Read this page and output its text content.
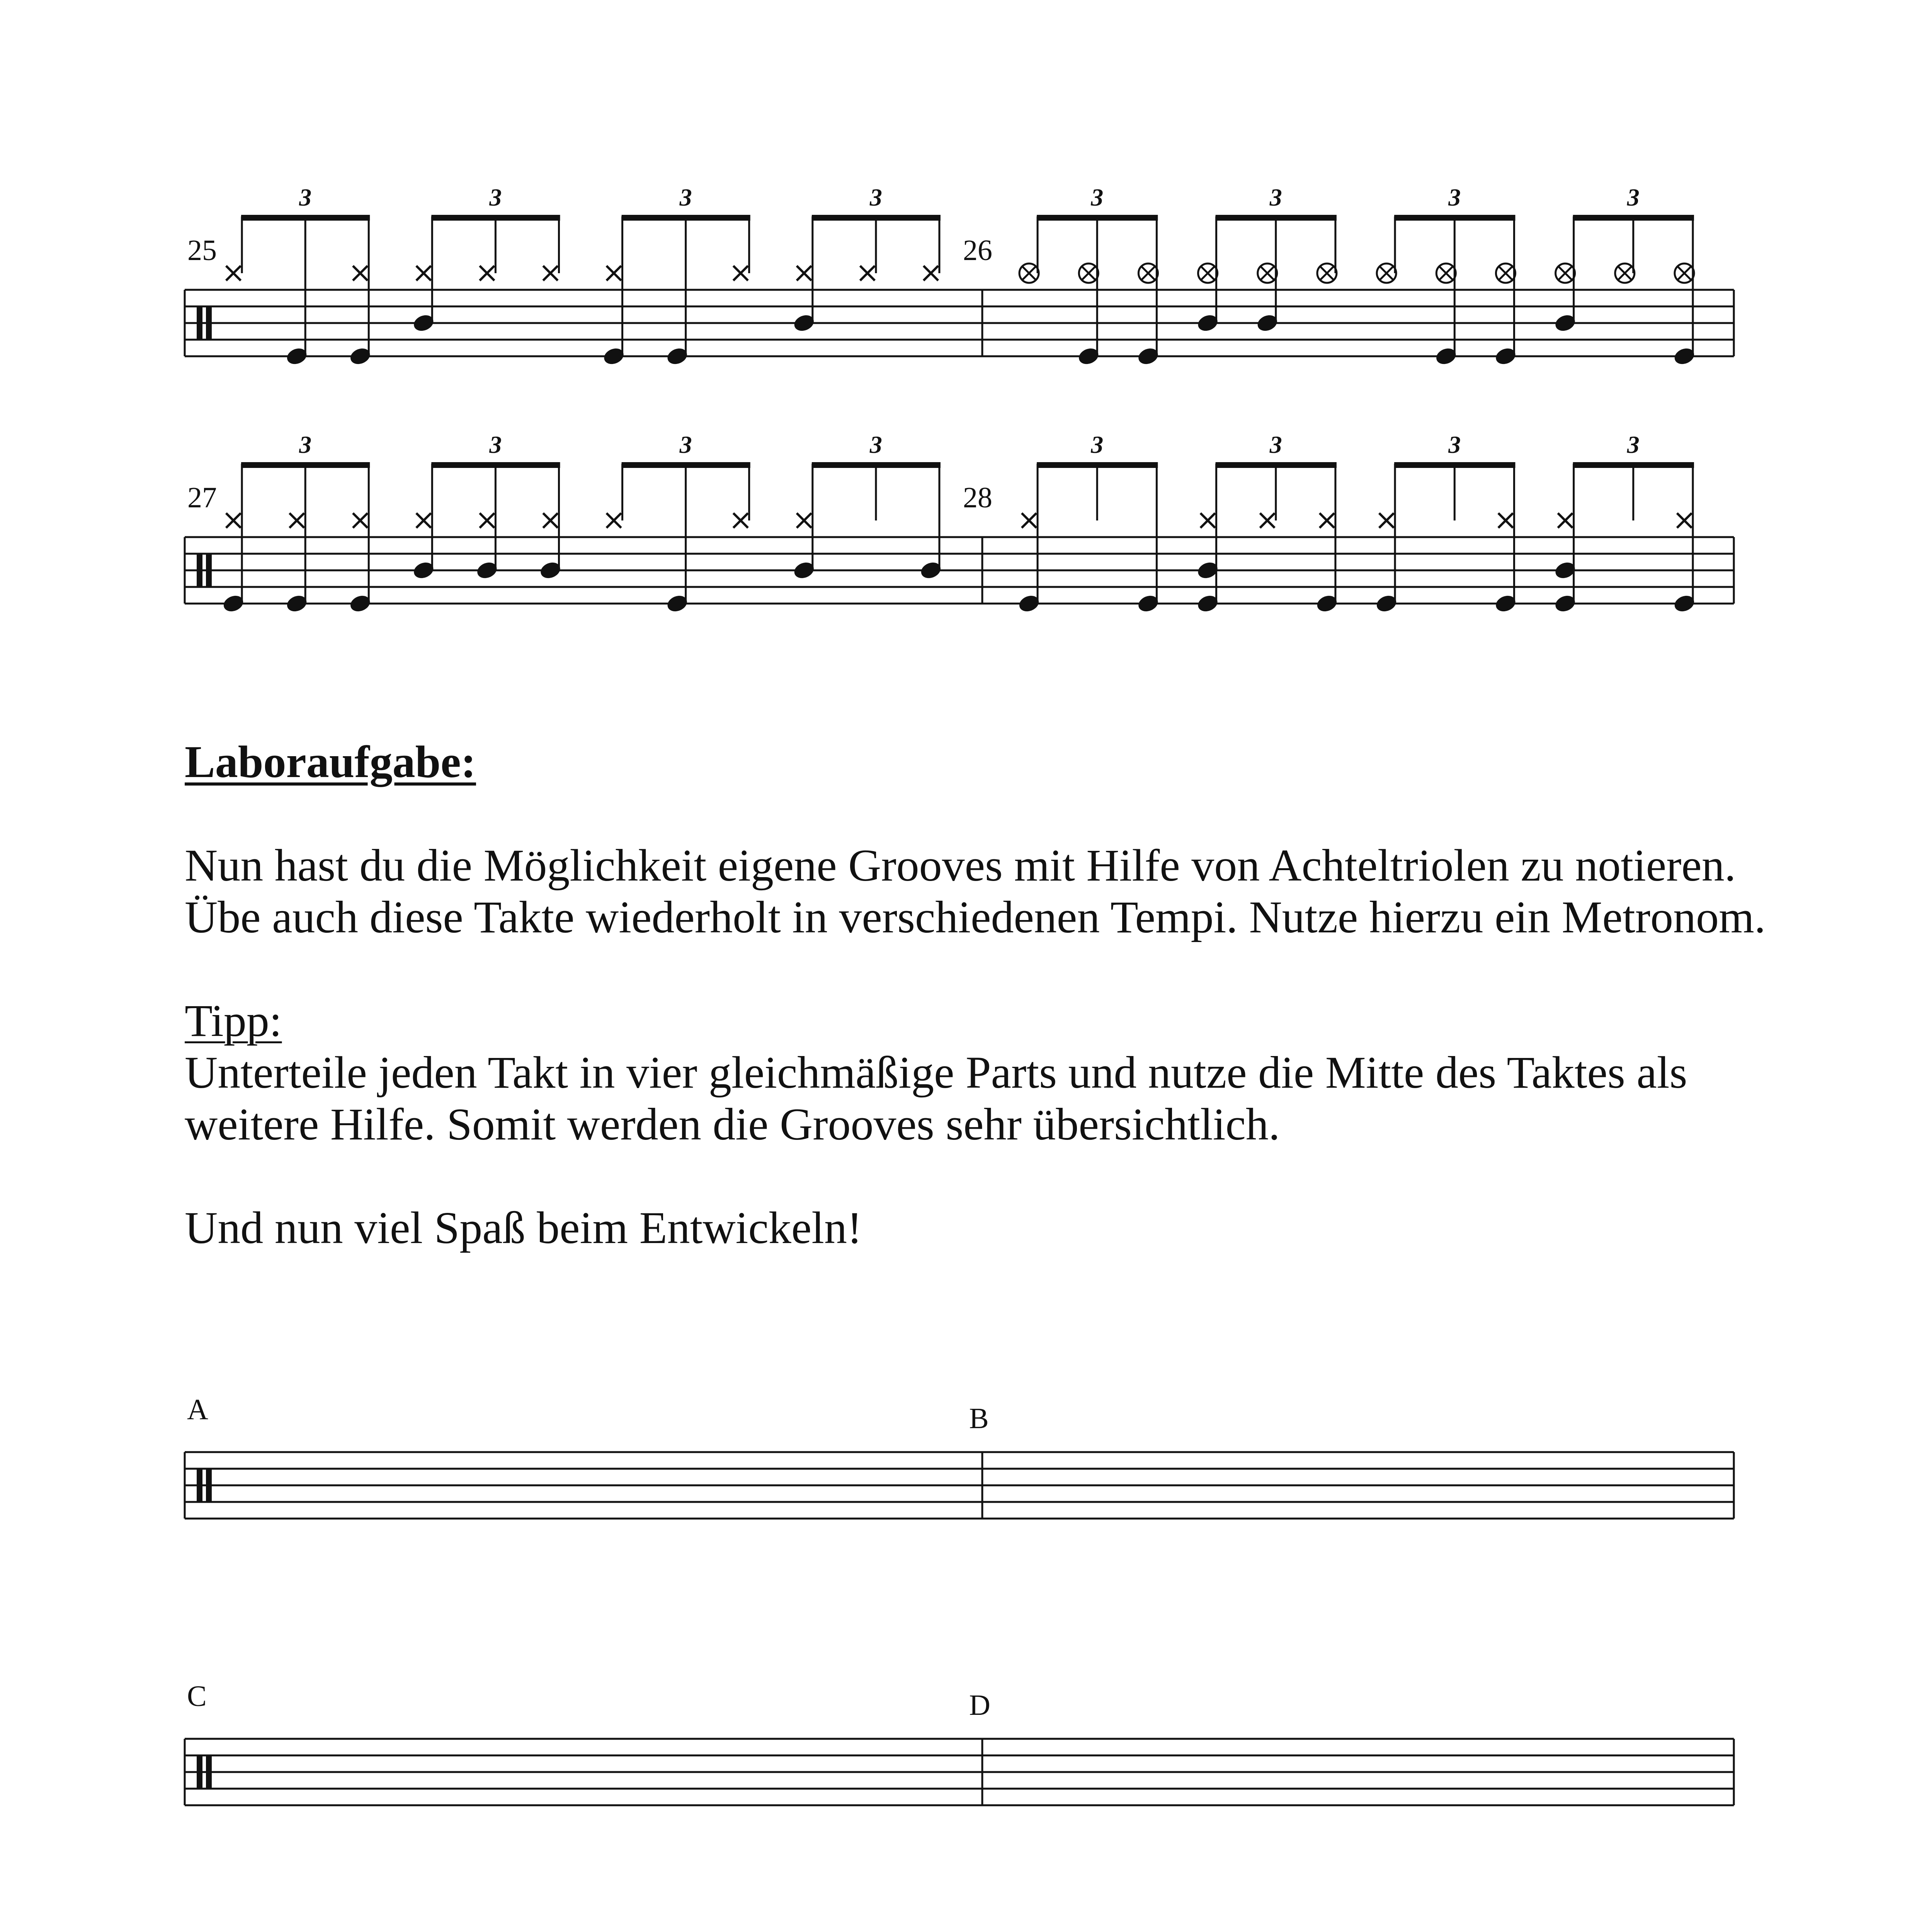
25
3	3	3	3
26
3	3	3	3
27
3	3	3	3
28
3	3	3	3
A	B
C	D
Laboraufgabe:
Nun hast du die Möglichkeit eigene Grooves mit Hilfe von Achteltriolen zu notieren.
Übe auch diese Takte wiederholt in verschiedenen Tempi. Nutze hierzu ein Metronom.
Tipp:
Unterteile jeden Takt in vier gleichmäßige Parts und nutze die Mitte des Taktes als
weitere Hilfe. Somit werden die Grooves sehr übersichtlich.
Und nun viel Spaß beim Entwickeln!
